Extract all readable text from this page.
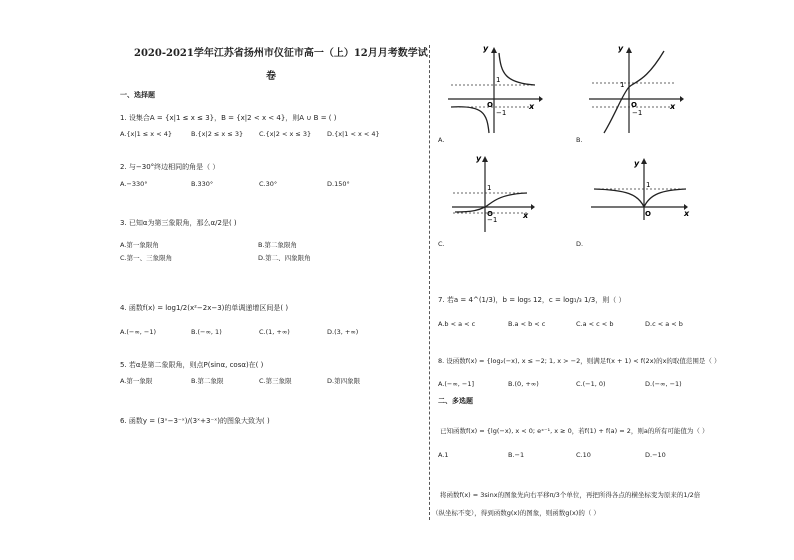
2020-2021学年江苏省扬州市仪征市高一（上）12月月考数学试
卷
一、选择题
1. 设集合A = {x|1 ≤ x ≤ 3}，B = {x|2 < x < 4}，则A ∪ B = ( )
A.{x|1 ≤ x < 4}	B.{x|2 ≤ x ≤ 3} C.{x|2 < x ≤ 3} D.{x|1 < x < 4}
2. 与−30°终边相同的角是（ ）
A.−330°	B.330°	C.30°	D.150°
3. 已知α为第三象限角，那么α/2是( )
A.第一象限角	B.第二象限角
C.第一、三象限角	D.第二、四象限角
4. 函数f(x) = log1/2(x²−2x−3)的单调递增区间是( )
A.(−∞, −1)	B.(−∞, 1)	C.(1, +∞)	D.(3, +∞)
5. 若α是第二象限角，则点P(sinα, cosα)在( )
A.第一象限	B.第二象限	C.第三象限	D.第四象限
6. 函数y = (3ˣ−3⁻ˣ)/(3ˣ+3⁻ˣ)的图象大致为( )
y
1
O
−1
x
A.
y
1
O
−1
x
B.
y
1
O
−1	x
C.
y
1
O	x
D.
7. 若a = 4^(1/3)，b = log₅ 12，c = log₁/₃ 1/3，则（ ）
A.b < a < c	B.a < b < c	C.a < c < b	D.c < a < b
8. 设函数f(x) = {log₂(−x), x ≤ −2; 1, x > −2，则满足f(x + 1) < f(2x)的x的取值范围是（ ）
A.(−∞, −1]	B.(0, +∞)	C.(−1, 0)	D.(−∞, −1)
二、多选题
已知函数f(x) = {lg(−x), x < 0; eˣ⁻¹, x ≥ 0，若f(1) + f(a) = 2，则a的所有可能值为（ ）
A.1	B.−1	C.10	D.−10
将函数f(x) = 3sinx的图象先向右平移π/3个单位，再把所得各点的横坐标变为原来的1/2倍
（纵坐标不变），得到函数g(x)的图象，则函数g(x)的（ ）
